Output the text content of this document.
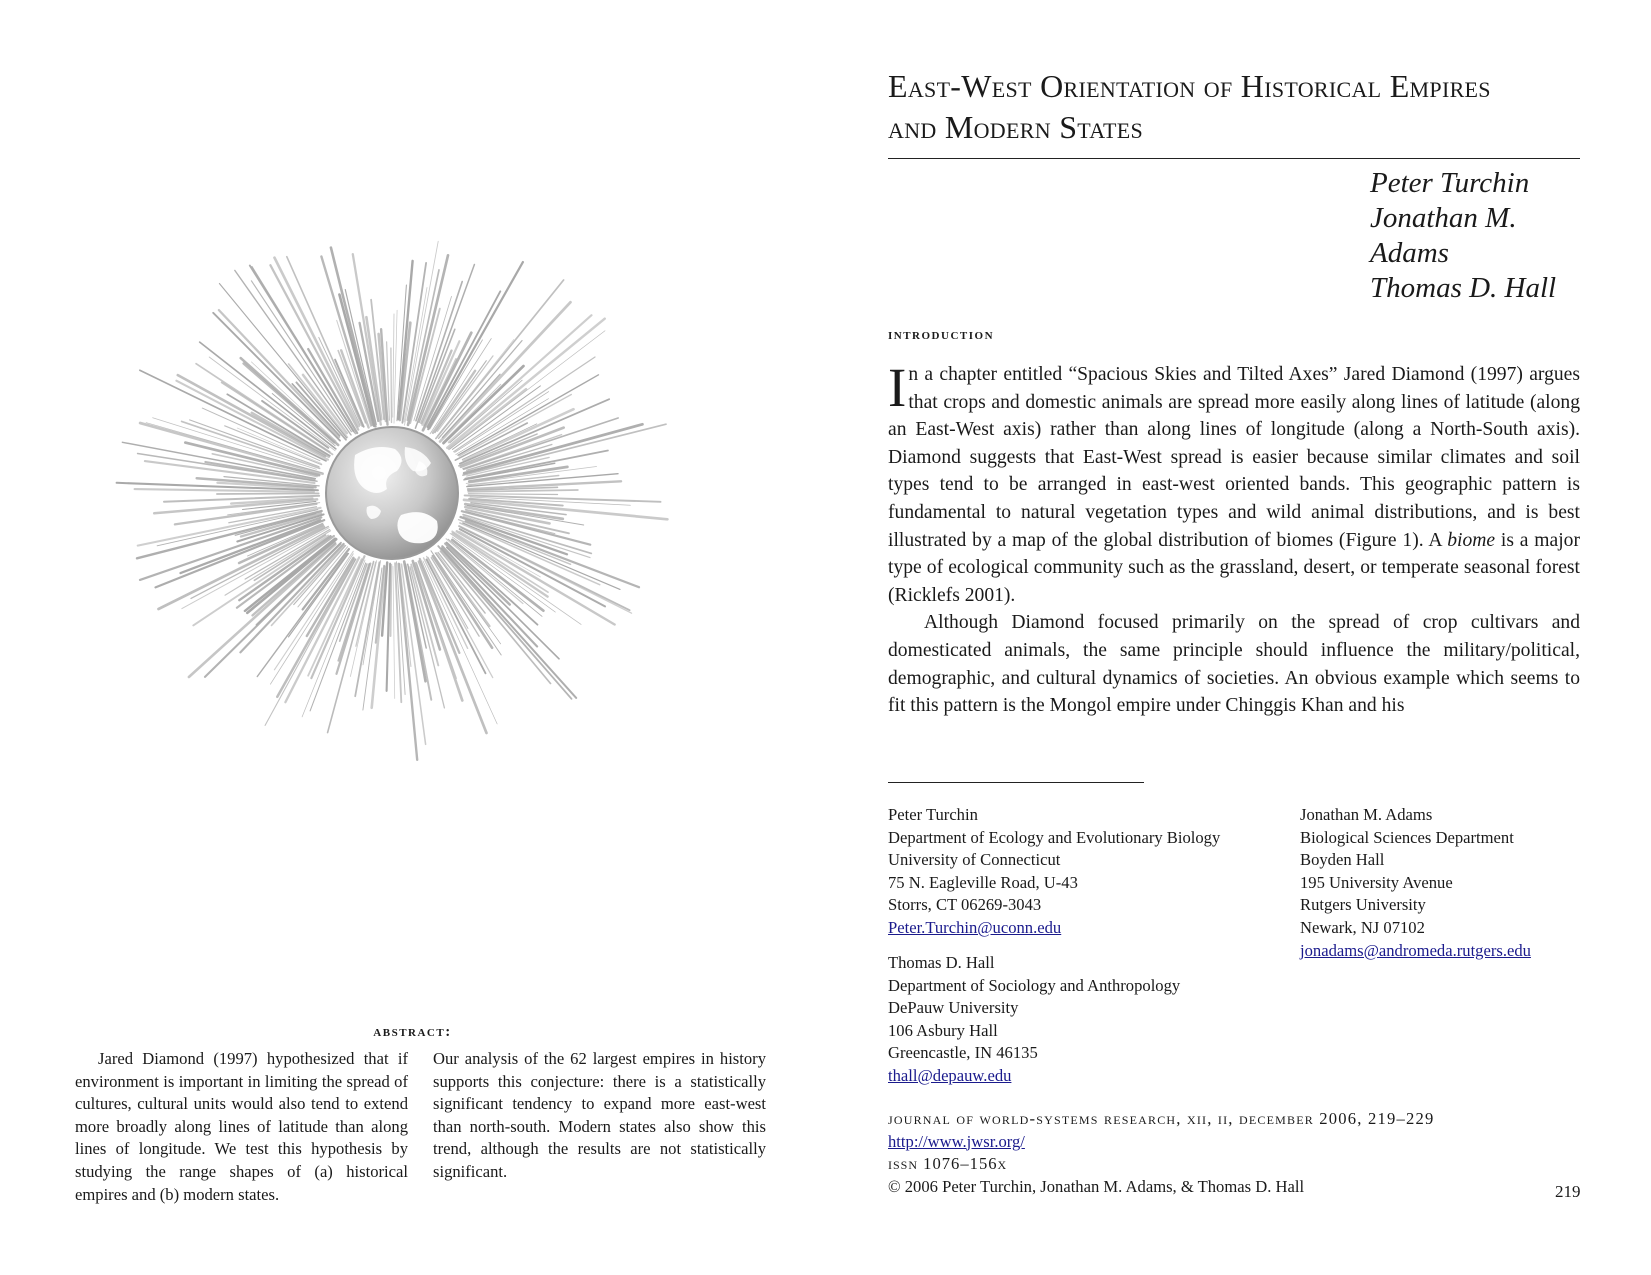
abstract:
Jared Diamond (1997) hypothesized that if environment is important in limiting the spread of cultures, cultural units would also tend to extend more broadly along lines of latitude than along lines of longitude. We test this hypothesis by studying the range shapes of (a) historical empires and (b) modern states.
Our analysis of the 62 largest empires in history supports this conjecture: there is a statistically significant tendency to expand more east-west than north-south. Modern states also show this trend, although the results are not statistically significant.
East-West Orientation of Historical Empires
and Modern States
Peter Turchin
Jonathan M. Adams
Thomas D. Hall
introduction

In a chapter entitled “Spacious Skies and Tilted Axes” Jared Diamond (1997) argues that crops and domestic animals are spread more easily along lines of latitude (along an East-West axis) rather than along lines of longitude (along a North-South axis). Diamond suggests that East-West spread is easier because similar climates and soil types tend to be arranged in east-west oriented bands. This geographic pattern is fundamental to natural vegetation types and wild animal distributions, and is best illustrated by a map of the global distribution of biomes (Figure 1). A biome is a major type of ecological community such as the grassland, desert, or temperate seasonal forest (Ricklefs 2001).

Although Diamond focused primarily on the spread of crop cultivars and domesticated animals, the same principle should influence the military/political, demographic, and cultural dynamics of societies. An obvious example which seems to fit this pattern is the Mongol empire under Chinggis Khan and his

Peter Turchin
Department of Ecology and Evolutionary Biology
University of Connecticut
75 N. Eagleville Road, U-43
Storrs, CT 06269-3043
Peter.Turchin@uconn.edu
Jonathan M. Adams
Biological Sciences Department
Boyden Hall
195 University Avenue
Rutgers University
Newark, NJ 07102
jonadams@andromeda.rutgers.edu
Thomas D. Hall
Department of Sociology and Anthropology
DePauw University
106 Asbury Hall
Greencastle, IN 46135
thall@depauw.edu
journal of world-systems research, xii, ii, december 2006, 219–229
http://www.jwsr.org/
issn 1076–156x
© 2006 Peter Turchin, Jonathan M. Adams, & Thomas D. Hall	219
